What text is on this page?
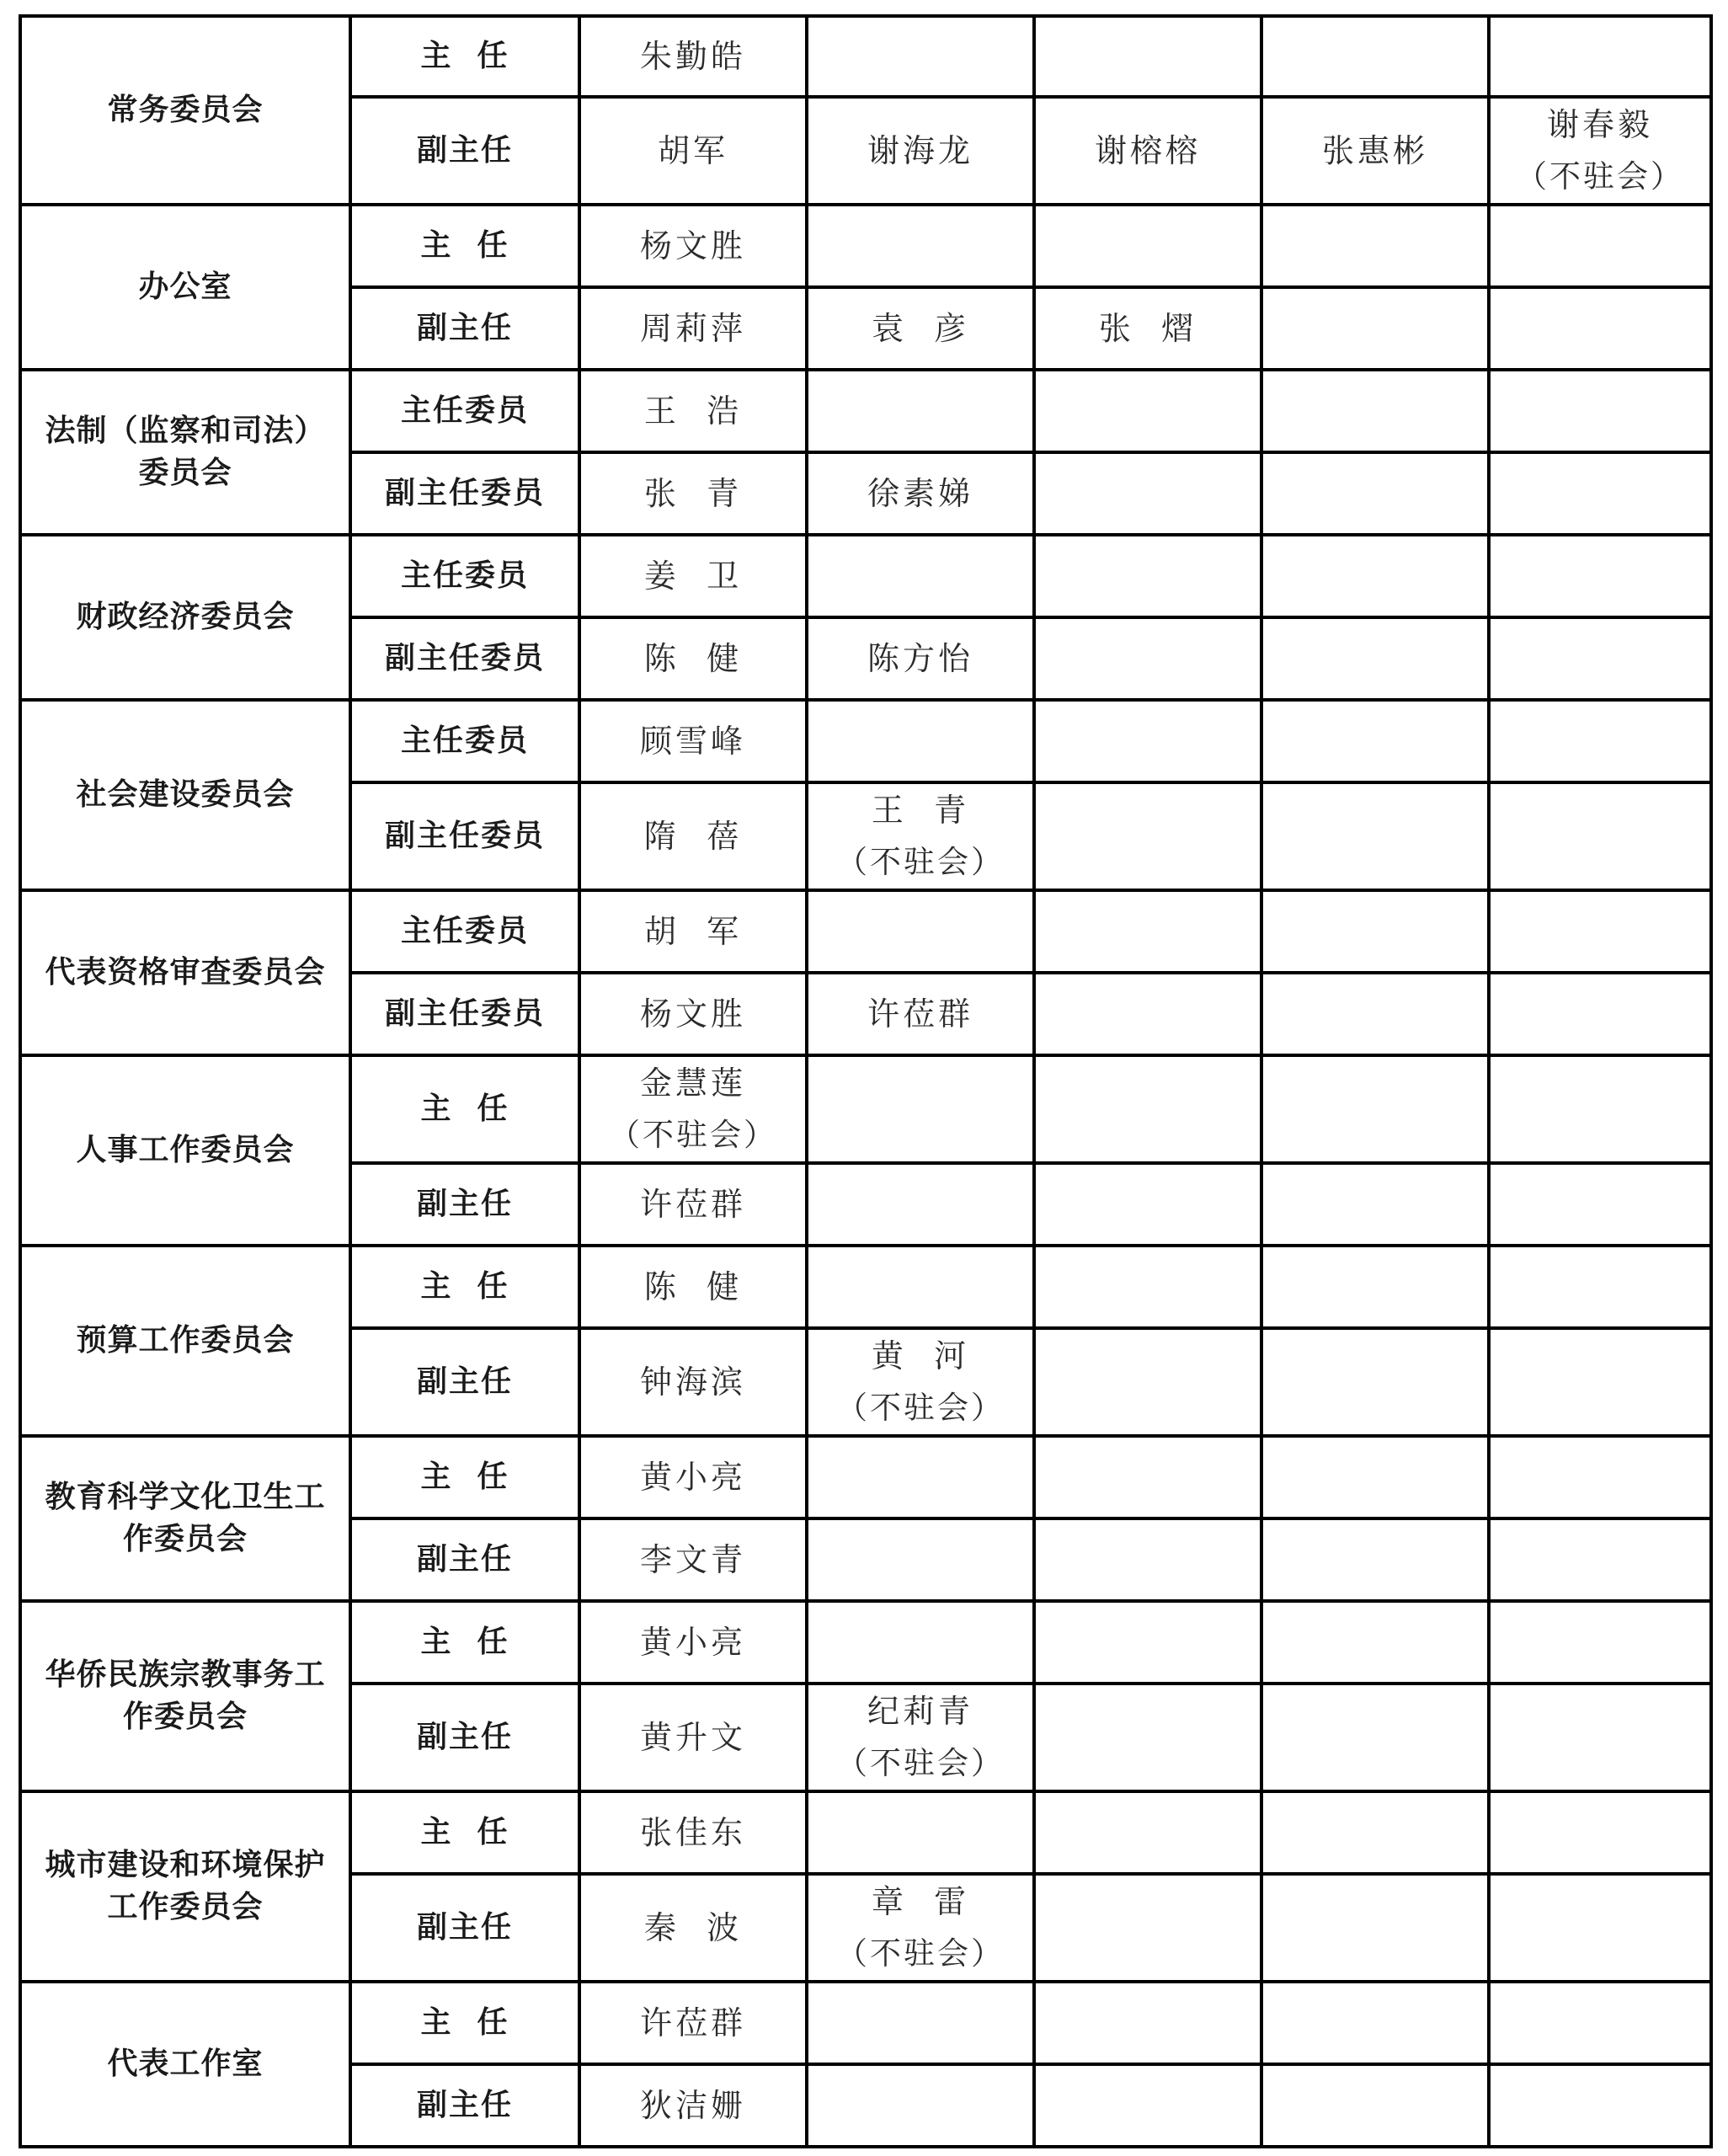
常务委员会	主  任	朱勤皓				

	副主任	胡军	谢海龙	谢榕榕	张惠彬	谢春毅
（不驻会）

办公室	主  任	杨文胜				

	副主任	周莉萍	袁  彦	张  熠		

法制（监察和司法）委员会	主任委员	王  浩				

	副主任委员	张  青	徐素娣			

财政经济委员会	主任委员	姜  卫				

	副主任委员	陈  健	陈方怡			

社会建设委员会	主任委员	顾雪峰				

	副主任委员	隋  蓓	王  青
（不驻会）			

代表资格审查委员会	主任委员	胡  军				

	副主任委员	杨文胜	许莅群			

人事工作委员会	主  任	金慧莲
（不驻会）				

	副主任	许莅群				

预算工作委员会	主  任	陈  健				

	副主任	钟海滨	黄  河
（不驻会）			

教育科学文化卫生工作委员会	主  任	黄小亮				

	副主任	李文青				

华侨民族宗教事务工作委员会	主  任	黄小亮				

	副主任	黄升文	纪莉青
（不驻会）			

城市建设和环境保护工作委员会	主  任	张佳东				

	副主任	秦  波	章  雷
（不驻会）			

代表工作室	主  任	许莅群				

	副主任	狄洁姗				
